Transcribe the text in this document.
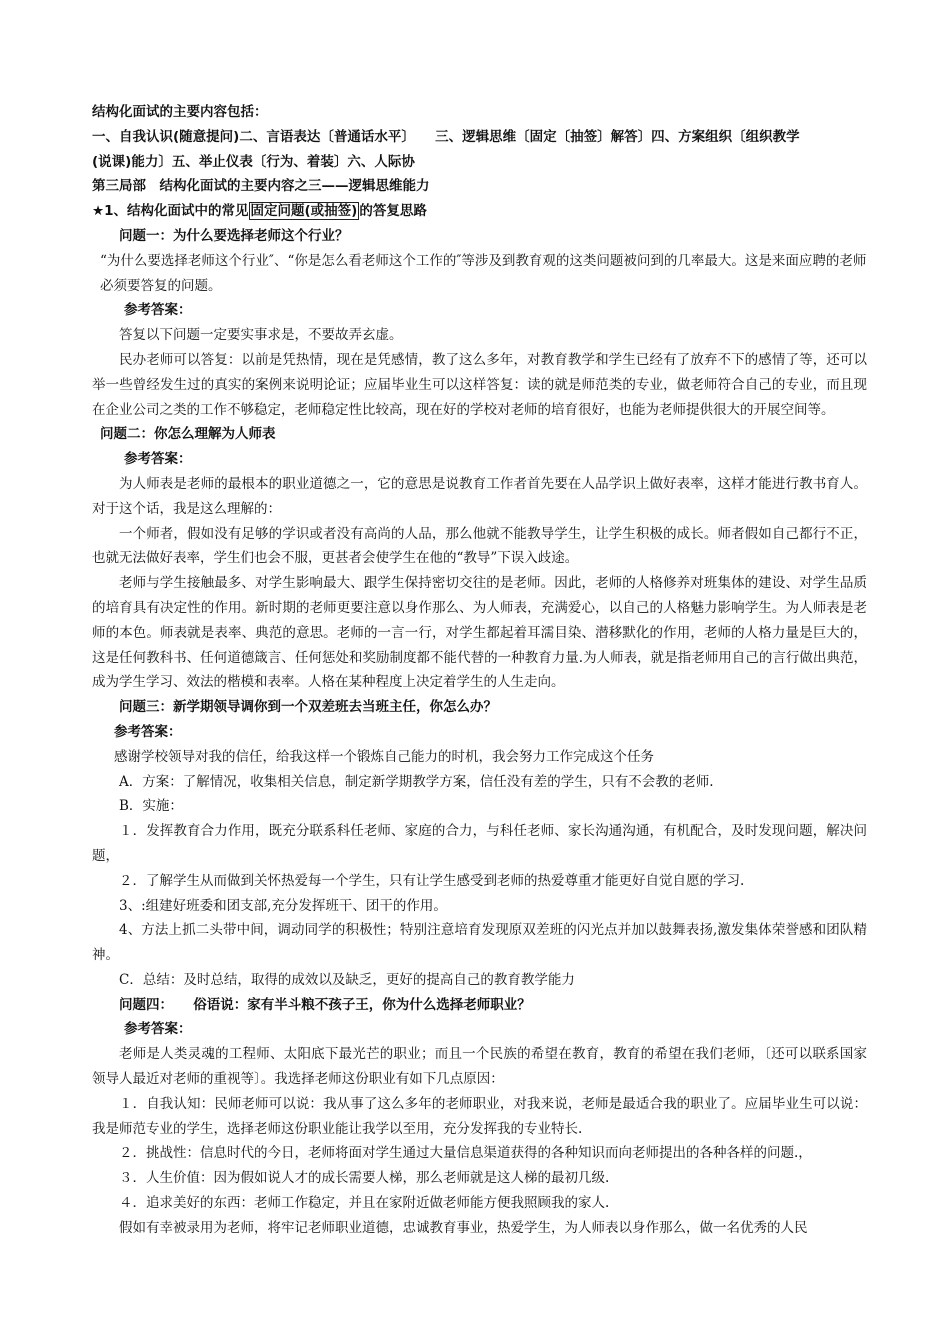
结构化面试的主要内容包括：
一、自我认识(随意提问)二、言语表达〔普通话水平〕　　三、逻辑思维〔固定〔抽签〕解答〕四、方案组织〔组织教学
(说课)能力〕五、举止仪表〔行为、着装〕六、人际协
第三局部　结构化面试的主要内容之三——逻辑思维能力
★1、结构化面试中的常见 固定问题(或抽签) 的答复思路
问题一：为什么要选择老师这个行业？
“为什么要选择老师这个行业″、“你是怎么看老师这个工作的″等涉及到教育观的这类问题被问到的几率最大。这是来面应聘的老师必须要答复的问题。
参考答案：
答复以下问题一定要实事求是，不要故弄玄虚。
民办老师可以答复：以前是凭热情，现在是凭感情，教了这么多年，对教育教学和学生已经有了放弃不下的感情了等，还可以举一些曾经发生过的真实的案例来说明论证；应届毕业生可以这样答复：读的就是师范类的专业，做老师符合自己的专业，而且现在企业公司之类的工作不够稳定，老师稳定性比较高，现在好的学校对老师的培育很好，也能为老师提供很大的开展空间等。
问题二：你怎么理解为人师表
参考答案：
为人师表是老师的最根本的职业道德之一，它的意思是说教育工作者首先要在人品学识上做好表率，这样才能进行教书育人。对于这个话，我是这么理解的：
一个师者，假如没有足够的学识或者没有高尚的人品，那么他就不能教导学生，让学生积极的成长。师者假如自己都行不正，也就无法做好表率，学生们也会不服，更甚者会使学生在他的“教导”下误入歧途。
老师与学生接触最多、对学生影响最大、跟学生保持密切交往的是老师。因此，老师的人格修养对班集体的建设、对学生品质的培育具有决定性的作用。新时期的老师更要注意以身作那么、为人师表，充满爱心，以自己的人格魅力影响学生。为人师表是老师的本色。师表就是表率、典范的意思。老师的一言一行，对学生都起着耳濡目染、潜移默化的作用，老师的人格力量是巨大的，这是任何教科书、任何道德箴言、任何惩处和奖励制度都不能代替的一种教育力量.为人师表，就是指老师用自己的言行做出典范，成为学生学习、效法的楷模和表率。人格在某种程度上决定着学生的人生走向。
问题三：新学期领导调你到一个双差班去当班主任，你怎么办？
参考答案：
感谢学校领导对我的信任，给我这样一个锻炼自己能力的时机，我会努力工作完成这个任务
A．方案：了解情况，收集相关信息，制定新学期教学方案，信任没有差的学生，只有不会教的老师.
B．实施：
１．发挥教育合力作用，既充分联系科任老师、家庭的合力，与科任老师、家长沟通沟通，有机配合，及时发现问题，解决问题，
２．了解学生从而做到关怀热爱每一个学生，只有让学生感受到老师的热爱尊重才能更好自觉自愿的学习.
3、:组建好班委和团支部,充分发挥班干、团干的作用。
4、方法上抓二头带中间，调动同学的积极性；特别注意培育发现原双差班的闪光点并加以鼓舞表扬,激发集体荣誉感和团队精神。
C．总结：及时总结，取得的成效以及缺乏，更好的提高自己的教育教学能力
问题四：　　俗语说：家有半斗粮不孩子王，你为什么选择老师职业？
参考答案：
老师是人类灵魂的工程师、太阳底下最光芒的职业；而且一个民族的希望在教育，教育的希望在我们老师，〔还可以联系国家领导人最近对老师的重视等〕。我选择老师这份职业有如下几点原因：
１．自我认知：民师老师可以说：我从事了这么多年的老师职业，对我来说，老师是最适合我的职业了。应届毕业生可以说：我是师范专业的学生，选择老师这份职业能让我学以至用，充分发挥我的专业特长.
２．挑战性：信息时代的今日，老师将面对学生通过大量信息渠道获得的各种知识而向老师提出的各种各样的问题.，
３．人生价值：因为假如说人才的成长需要人梯，那么老师就是这人梯的最初几级.
４．追求美好的东西：老师工作稳定，并且在家附近做老师能方便我照顾我的家人.
假如有幸被录用为老师，将牢记老师职业道德，忠诚教育事业，热爱学生，为人师表以身作那么，做一名优秀的人民
